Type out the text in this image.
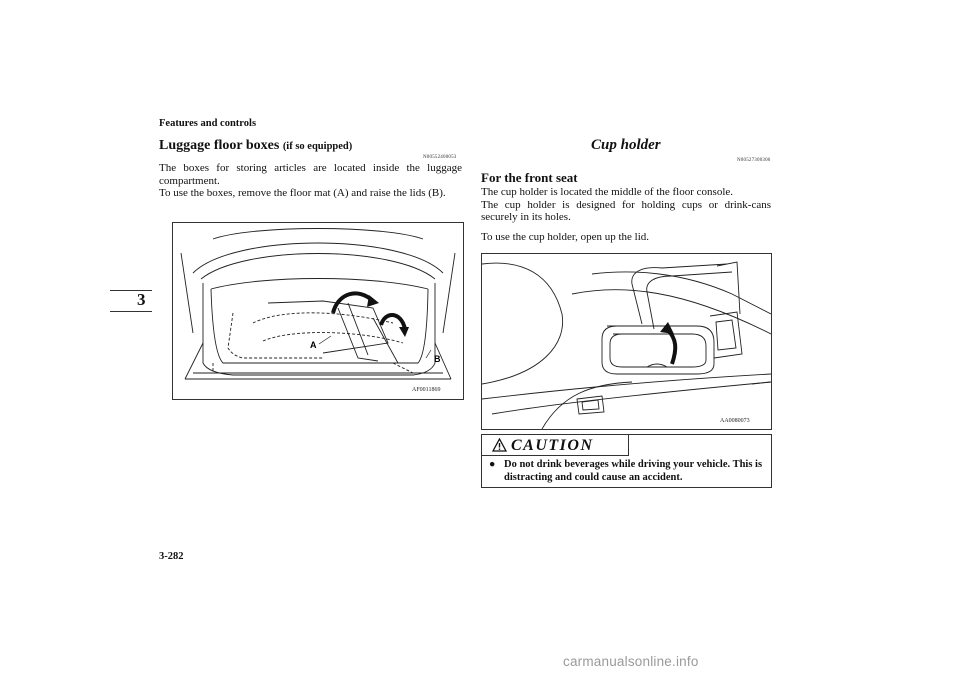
Features and controls
3
Luggage floor boxes (if so equipped)
N00552400053
The boxes for storing articles are located inside the luggage compartment.
To use the boxes, remove the floor mat (A) and raise the lids (B).
A
B
AF0011869
Cup holder
N00527300306
For the front seat
The cup holder is located the middle of the floor console.
The cup holder is designed for holding cups or drink-cans securely in its holes.
To use the cup holder, open up the lid.
AA0080073
CAUTION
● Do not drink beverages while driving your vehicle. This is distracting and could cause an accident.
3-282
carmanualsonline.info
